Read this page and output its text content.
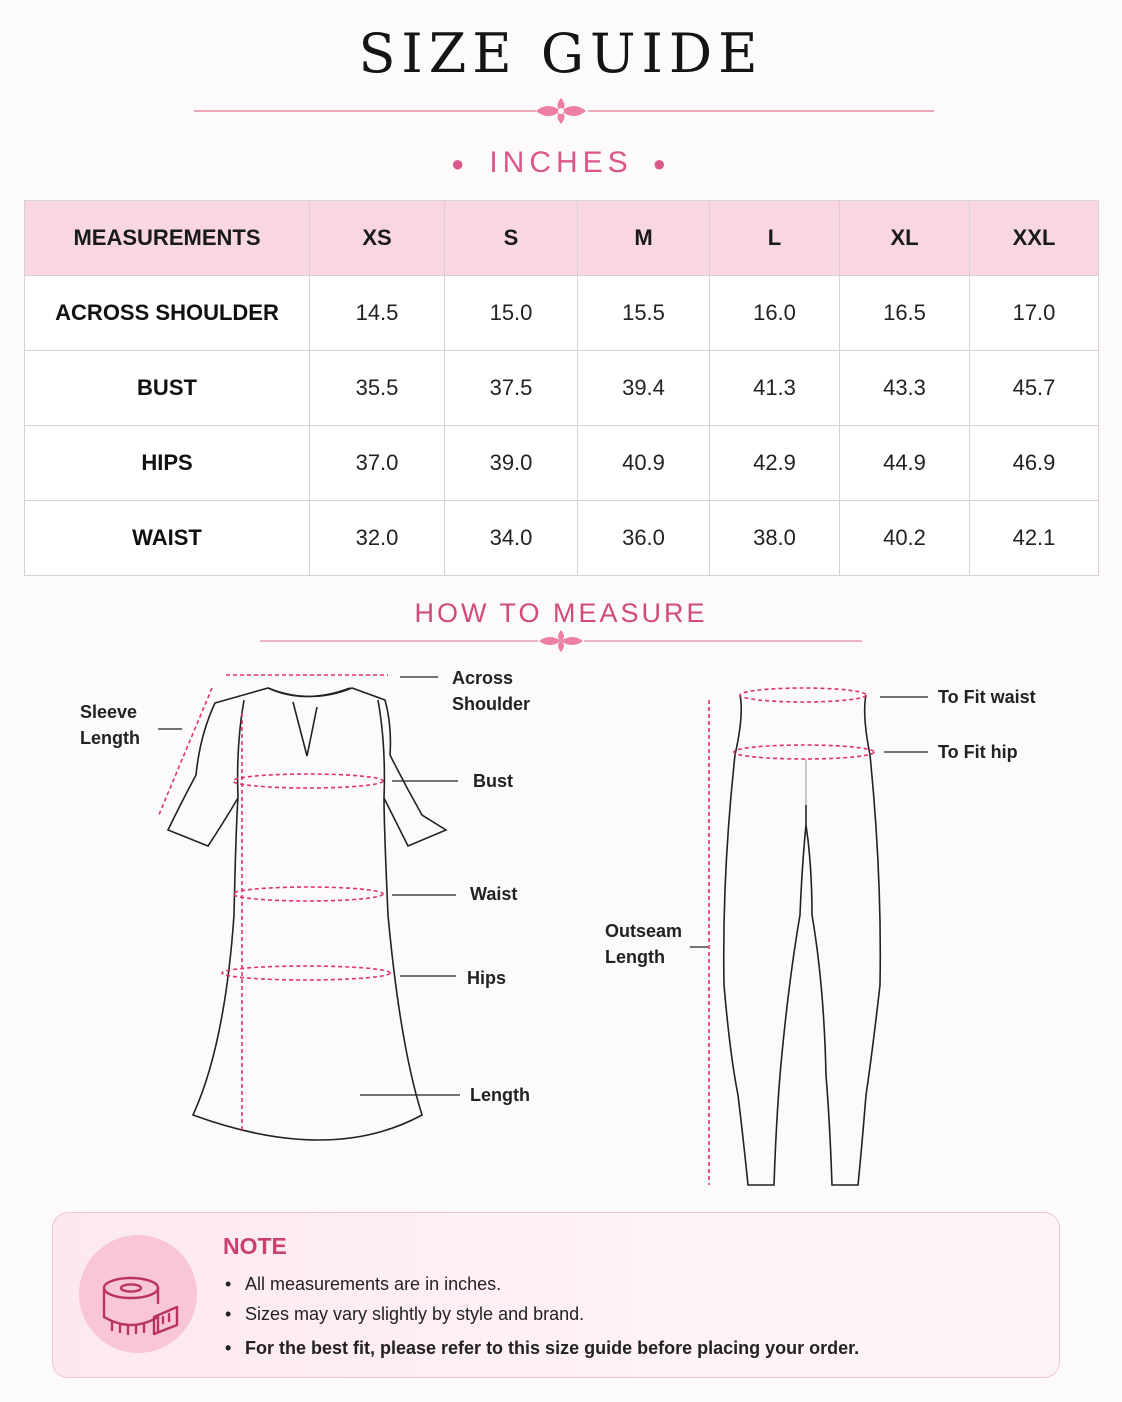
SIZE GUIDE
● INCHES ●
MEASUREMENTS	XS	S	M	L	XL	XXL
ACROSS SHOULDER	14.5	15.0	15.5	16.0	16.5	17.0
BUST	35.5	37.5	39.4	41.3	43.3	45.7
HIPS	37.0	39.0	40.9	42.9	44.9	46.9
WAIST	32.0	34.0	36.0	38.0	40.2	42.1
HOW TO MEASURE
Across
Shoulder
Sleeve
Length
Bust
Waist
Hips
Length
To Fit waist
To Fit hip
Outseam
Length
NOTE
• All measurements are in inches.
• Sizes may vary slightly by style and brand.
• For the best fit, please refer to this size guide before placing your order.
